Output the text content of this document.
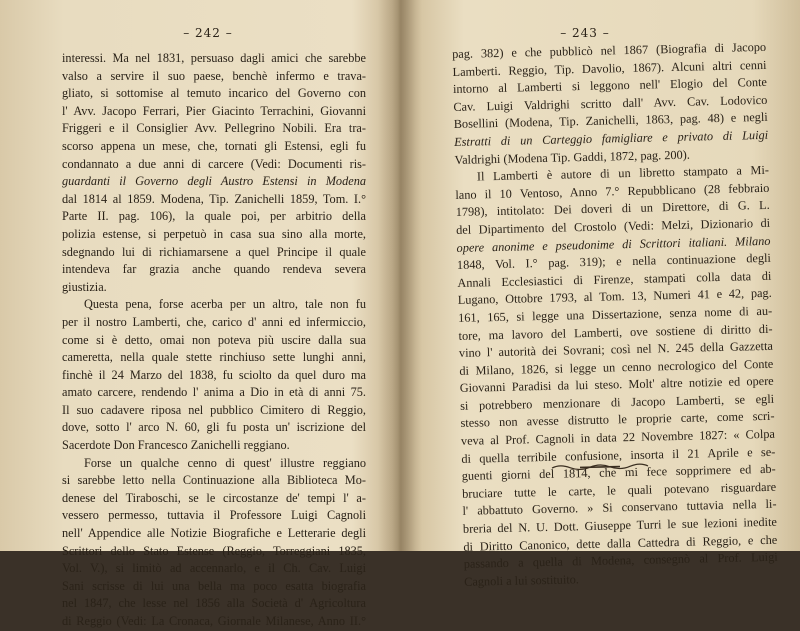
– 242 –
interessi. Ma nel 1831, persuaso dagli amici che sarebbe
valso a servire il suo paese, benchè infermo e trava-
gliato, si sottomise al temuto incarico del Governo con
l' Avv. Jacopo Ferrari, Pier Giacinto Terrachini, Giovanni
Friggeri e il Consiglier Avv. Pellegrino Nobili. Era tra-
scorso appena un mese, che, tornati gli Estensi, egli fu
condannato a due anni di carcere (Vedi: Documenti ris-
guardanti il Governo degli Austro Estensi in Modena
dal 1814 al 1859. Modena, Tip. Zanichelli 1859, Tom. I.°
Parte II. pag. 106), la quale poi, per arbitrio della
polizia estense, si perpetuò in casa sua sino alla morte,
sdegnando lui di richiamarsene a quel Principe il quale
intendeva far grazia anche quando rendeva severa
giustizia.
Questa pena, forse acerba per un altro, tale non fu
per il nostro Lamberti, che, carico d' anni ed infermiccio,
come si è detto, omai non poteva più uscire dalla sua
cameretta, nella quale stette rinchiuso sette lunghi anni,
finchè il 24 Marzo del 1838, fu sciolto da quel duro ma
amato carcere, rendendo l' anima a Dio in età di anni 75.
Il suo cadavere riposa nel pubblico Cimitero di Reggio,
dove, sotto l' arco N. 60, gli fu posta un' iscrizione del
Sacerdote Don Francesco Zanichelli reggiano.
Forse un qualche cenno di quest' illustre reggiano
si sarebbe letto nella Continuazione alla Biblioteca Mo-
denese del Tiraboschi, se le circostanze de' tempi l' a-
vessero permesso, tuttavia il Professore Luigi Cagnoli
nell' Appendice alle Notizie Biografiche e Letterarie degli
Scrittori dello Stato Estense (Reggio, Torreggiani 1835,
Vol. V.), si limitò ad accennarlo, e il Ch. Cav. Luigi
Sani scrisse di lui una bella ma poco esatta biografia
nel 1847, che lesse nel 1856 alla Società d' Agricoltura
di Reggio (Vedi: La Cronaca, Giornale Milanese, Anno II.°
– 243 –
pag. 382) e che pubblicò nel 1867 (Biografia di Jacopo
Lamberti. Reggio, Tip. Davolio, 1867). Alcuni altri cenni
intorno al Lamberti si leggono nell' Elogio del Conte
Cav. Luigi Valdrighi scritto dall' Avv. Cav. Lodovico
Bosellini (Modena, Tip. Zanichelli, 1863, pag. 48) e negli
Estratti di un Carteggio famigliare e privato di Luigi
Valdrighi (Modena Tip. Gaddi, 1872, pag. 200).
Il Lamberti è autore di un libretto stampato a Mi-
lano il 10 Ventoso, Anno 7.° Repubblicano (28 febbraio
1798), intitolato: Dei doveri di un Direttore, di G. L.
del Dipartimento del Crostolo (Vedi: Melzi, Dizionario di
opere anonime e pseudonime di Scrittori italiani. Milano
1848, Vol. I.° pag. 319); e nella continuazione degli
Annali Ecclesiastici di Firenze, stampati colla data di
Lugano, Ottobre 1793, al Tom. 13, Numeri 41 e 42, pag.
161, 165, si legge una Dissertazione, senza nome di au-
tore, ma lavoro del Lamberti, ove sostiene di diritto di-
vino l' autorità dei Sovrani; così nel N. 245 della Gazzetta
di Milano, 1826, si legge un cenno necrologico del Conte
Giovanni Paradisi da lui steso. Molt' altre notizie ed opere
si potrebbero menzionare di Jacopo Lamberti, se egli
stesso non avesse distrutto le proprie carte, come scri-
veva al Prof. Cagnoli in data 22 Novembre 1827: « Colpa
di quella terribile confusione, insorta il 21 Aprile e se-
guenti giorni del 1814, che mi fece sopprimere ed ab-
bruciare tutte le carte, le quali potevano risguardare
l' abbattuto Governo. » Si conservano tuttavia nella li-
breria del N. U. Dott. Giuseppe Turri le sue lezioni inedite
di Diritto Canonico, dette dalla Cattedra di Reggio, e che
passando a quella di Modena, consegnò al Prof. Luigi
Cagnoli a lui sostituito.
